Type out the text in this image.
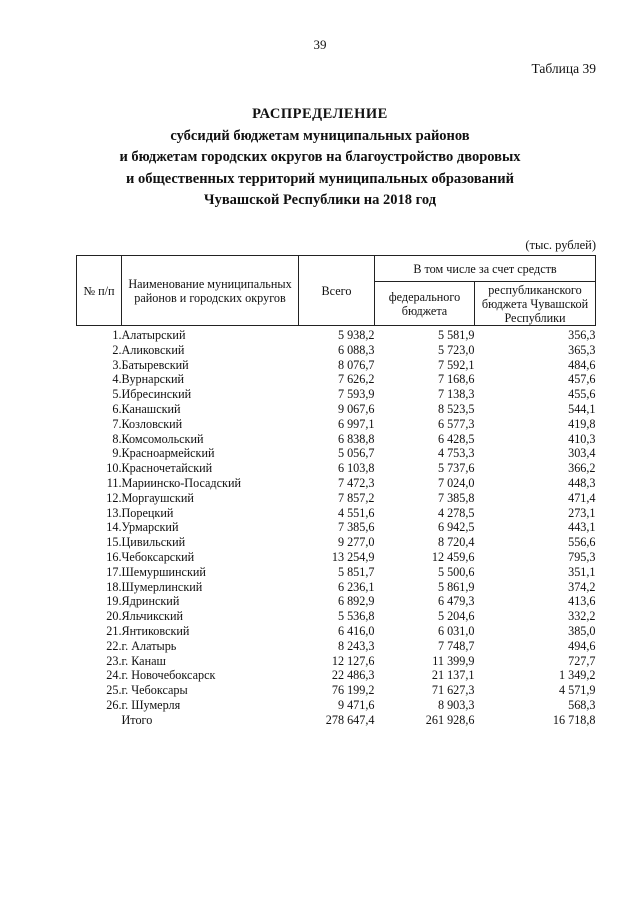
39
Таблица 39
РАСПРЕДЕЛЕНИЕ
субсидий бюджетам муниципальных районов
и бюджетам городских округов на благоустройство дворовых
и общественных территорий муниципальных образований
Чувашской Республики на 2018 год
(тыс. рублей)
№ п/п	Наименование муниципальных районов и городских округов	Всего	В том числе за счет средств	
			федерального бюджета	республиканского бюджета Чувашской Республики
1.	Алатырский	5 938,2	5 581,9	356,3
2.	Аликовский	6 088,3	5 723,0	365,3
3.	Батыревский	8 076,7	7 592,1	484,6
4.	Вурнарский	7 626,2	7 168,6	457,6
5.	Ибресинский	7 593,9	7 138,3	455,6
6.	Канашский	9 067,6	8 523,5	544,1
7.	Козловский	6 997,1	6 577,3	419,8
8.	Комсомольский	6 838,8	6 428,5	410,3
9.	Красноармейский	5 056,7	4 753,3	303,4
10.	Красночетайский	6 103,8	5 737,6	366,2
11.	Мариинско-Посадский	7 472,3	7 024,0	448,3
12.	Моргаушский	7 857,2	7 385,8	471,4
13.	Порецкий	4 551,6	4 278,5	273,1
14.	Урмарский	7 385,6	6 942,5	443,1
15.	Цивильский	9 277,0	8 720,4	556,6
16.	Чебоксарский	13 254,9	12 459,6	795,3
17.	Шемуршинский	5 851,7	5 500,6	351,1
18.	Шумерлинский	6 236,1	5 861,9	374,2
19.	Ядринский	6 892,9	6 479,3	413,6
20.	Яльчикский	5 536,8	5 204,6	332,2
21.	Янтиковский	6 416,0	6 031,0	385,0
22.	г. Алатырь	8 243,3	7 748,7	494,6
23.	г. Канаш	12 127,6	11 399,9	727,7
24.	г. Новочебоксарск	22 486,3	21 137,1	1 349,2
25.	г. Чебоксары	76 199,2	71 627,3	4 571,9
26.	г. Шумерля	9 471,6	8 903,3	568,3
	Итого	278 647,4	261 928,6	16 718,8
